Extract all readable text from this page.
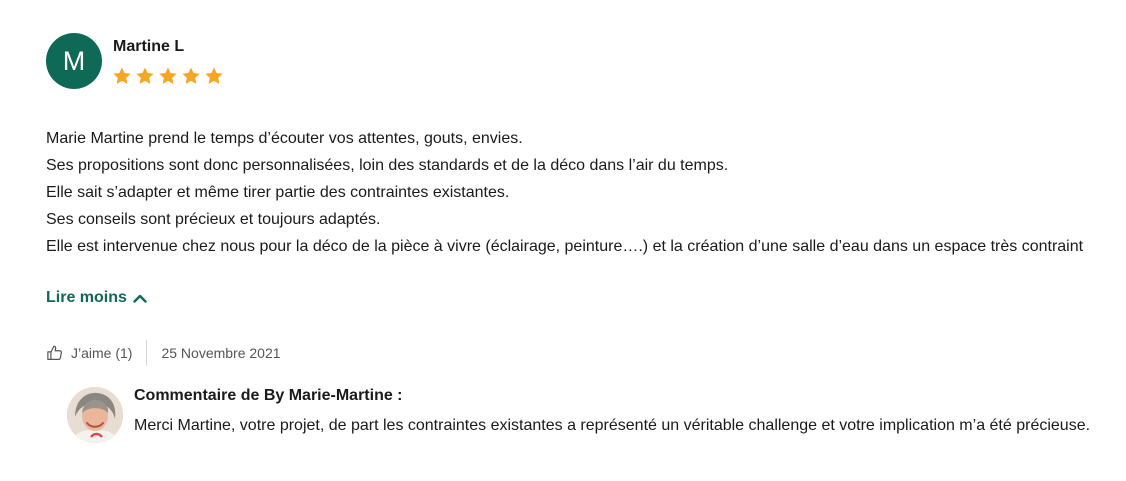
M Martine L

Marie Martine prend le temps d’écouter vos attentes, gouts, envies.

Ses propositions sont donc personnalisées, loin des standards et de la déco dans l’air du temps.

Elle sait s’adapter et même tirer partie des contraintes existantes.

Ses conseils sont précieux et toujours adaptés.

Elle est intervenue chez nous pour la déco de la pièce à vivre (éclairage, peinture….) et la création d’une salle d’eau dans un espace très contraint

Lire moins
J’aime (1) 25 Novembre 2021
Commentaire de By Marie-Martine :
Merci Martine, votre projet, de part les contraintes existantes a représenté un véritable challenge et votre implication m’a été précieuse.
